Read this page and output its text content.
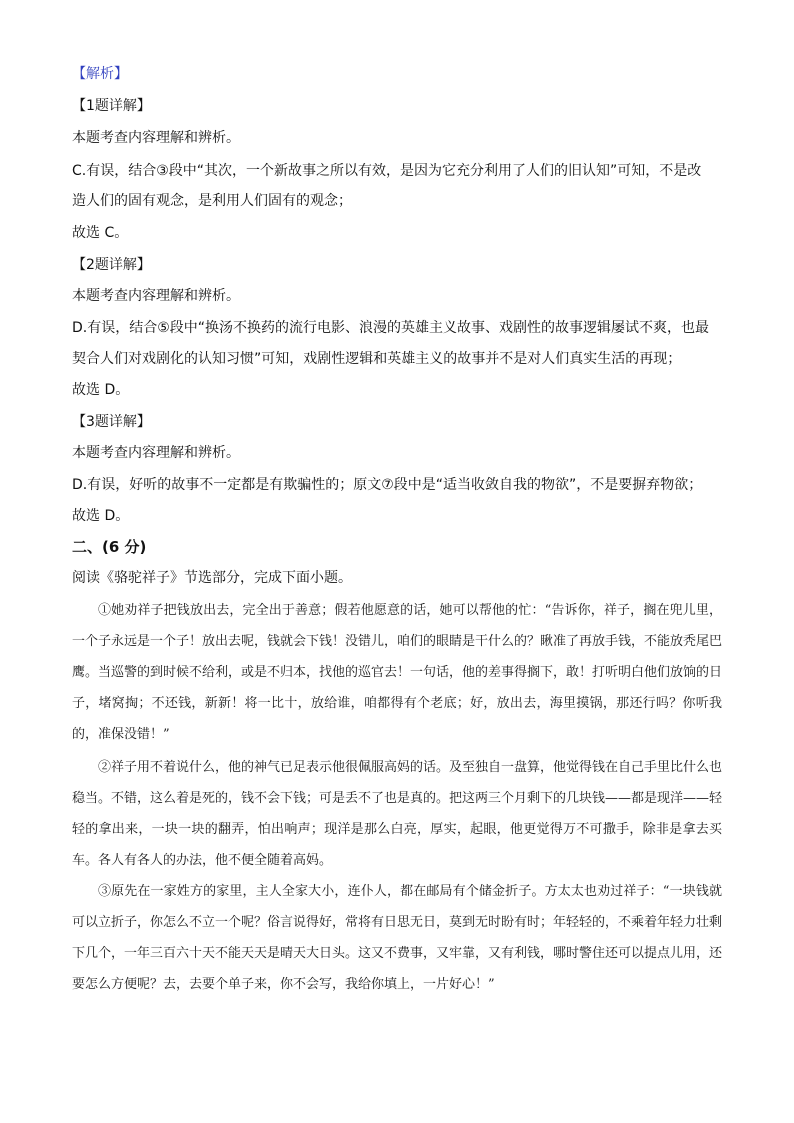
【解析】
【1题详解】
本题考查内容理解和辨析。
C.有误，结合③段中“其次，一个新故事之所以有效，是因为它充分利用了人们的旧认知”可知，不是改
造人们的固有观念，是利用人们固有的观念；
故选 C。
【2题详解】
本题考查内容理解和辨析。
D.有误，结合⑤段中“换汤不换药的流行电影、浪漫的英雄主义故事、戏剧性的故事逻辑屡试不爽，也最
契合人们对戏剧化的认知习惯”可知，戏剧性逻辑和英雄主义的故事并不是对人们真实生活的再现；
故选 D。
【3题详解】
本题考查内容理解和辨析。
D.有误，好听的故事不一定都是有欺骗性的；原文⑦段中是“适当收敛自我的物欲”，不是要摒弃物欲；
故选 D。
二、(6 分)
阅读《骆驼祥子》节选部分，完成下面小题。
①她劝祥子把钱放出去，完全出于善意；假若他愿意的话，她可以帮他的忙：“告诉你，祥子，搁在兜儿里，一个子永远是一个子！放出去呢，钱就会下钱！没错儿，咱们的眼睛是干什么的？瞅准了再放手钱，不能放秃尾巴鹰。当巡警的到时候不给利，或是不归本，找他的巡官去！一句话，他的差事得搁下，敢！打听明白他们放饷的日子，堵窝掏；不还钱，新新！将一比十，放给谁，咱都得有个老底；好，放出去，海里摸锅，那还行吗？你听我的，准保没错！”
②祥子用不着说什么，他的神气已足表示他很佩服高妈的话。及至独自一盘算，他觉得钱在自己手里比什么也稳当。不错，这么着是死的，钱不会下钱；可是丢不了也是真的。把这两三个月剩下的几块钱——都是现洋——轻轻的拿出来，一块一块的翻弄，怕出响声；现洋是那么白亮，厚实，起眼，他更觉得万不可撒手，除非是拿去买车。各人有各人的办法，他不便全随着高妈。
③原先在一家姓方的家里，主人全家大小，连仆人，都在邮局有个储金折子。方太太也劝过祥子：“一块钱就可以立折子，你怎么不立一个呢？俗言说得好，常将有日思无日，莫到无时盼有时；年轻轻的，不乘着年轻力壮剩下几个，一年三百六十天不能天天是晴天大日头。这又不费事，又牢靠，又有利钱，哪时警住还可以提点儿用，还要怎么方便呢？去，去要个单子来，你不会写，我给你填上，一片好心！”
